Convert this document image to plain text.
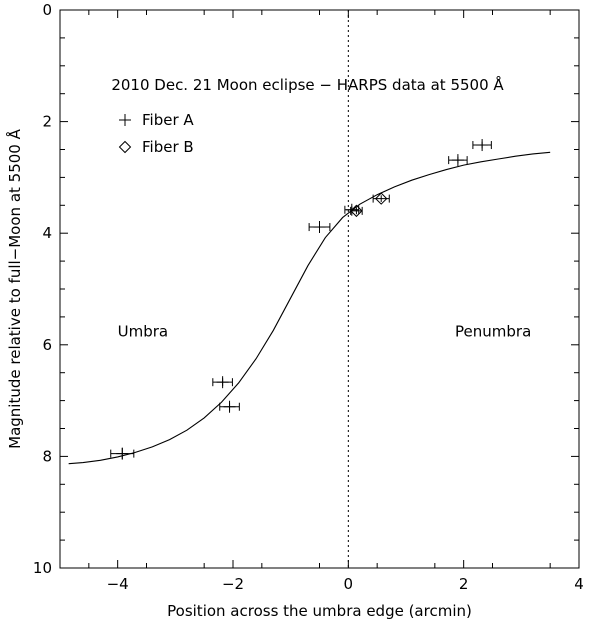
−4	−2	0	2	4
0
2
4
6
8
10
Position across the umbra edge (arcmin)
Magnitude relative to full−Moon at 5500 Å
2010 Dec. 21 Moon eclipse − HARPS data at 5500 Å
Umbra	Penumbra
Fiber A
Fiber B
